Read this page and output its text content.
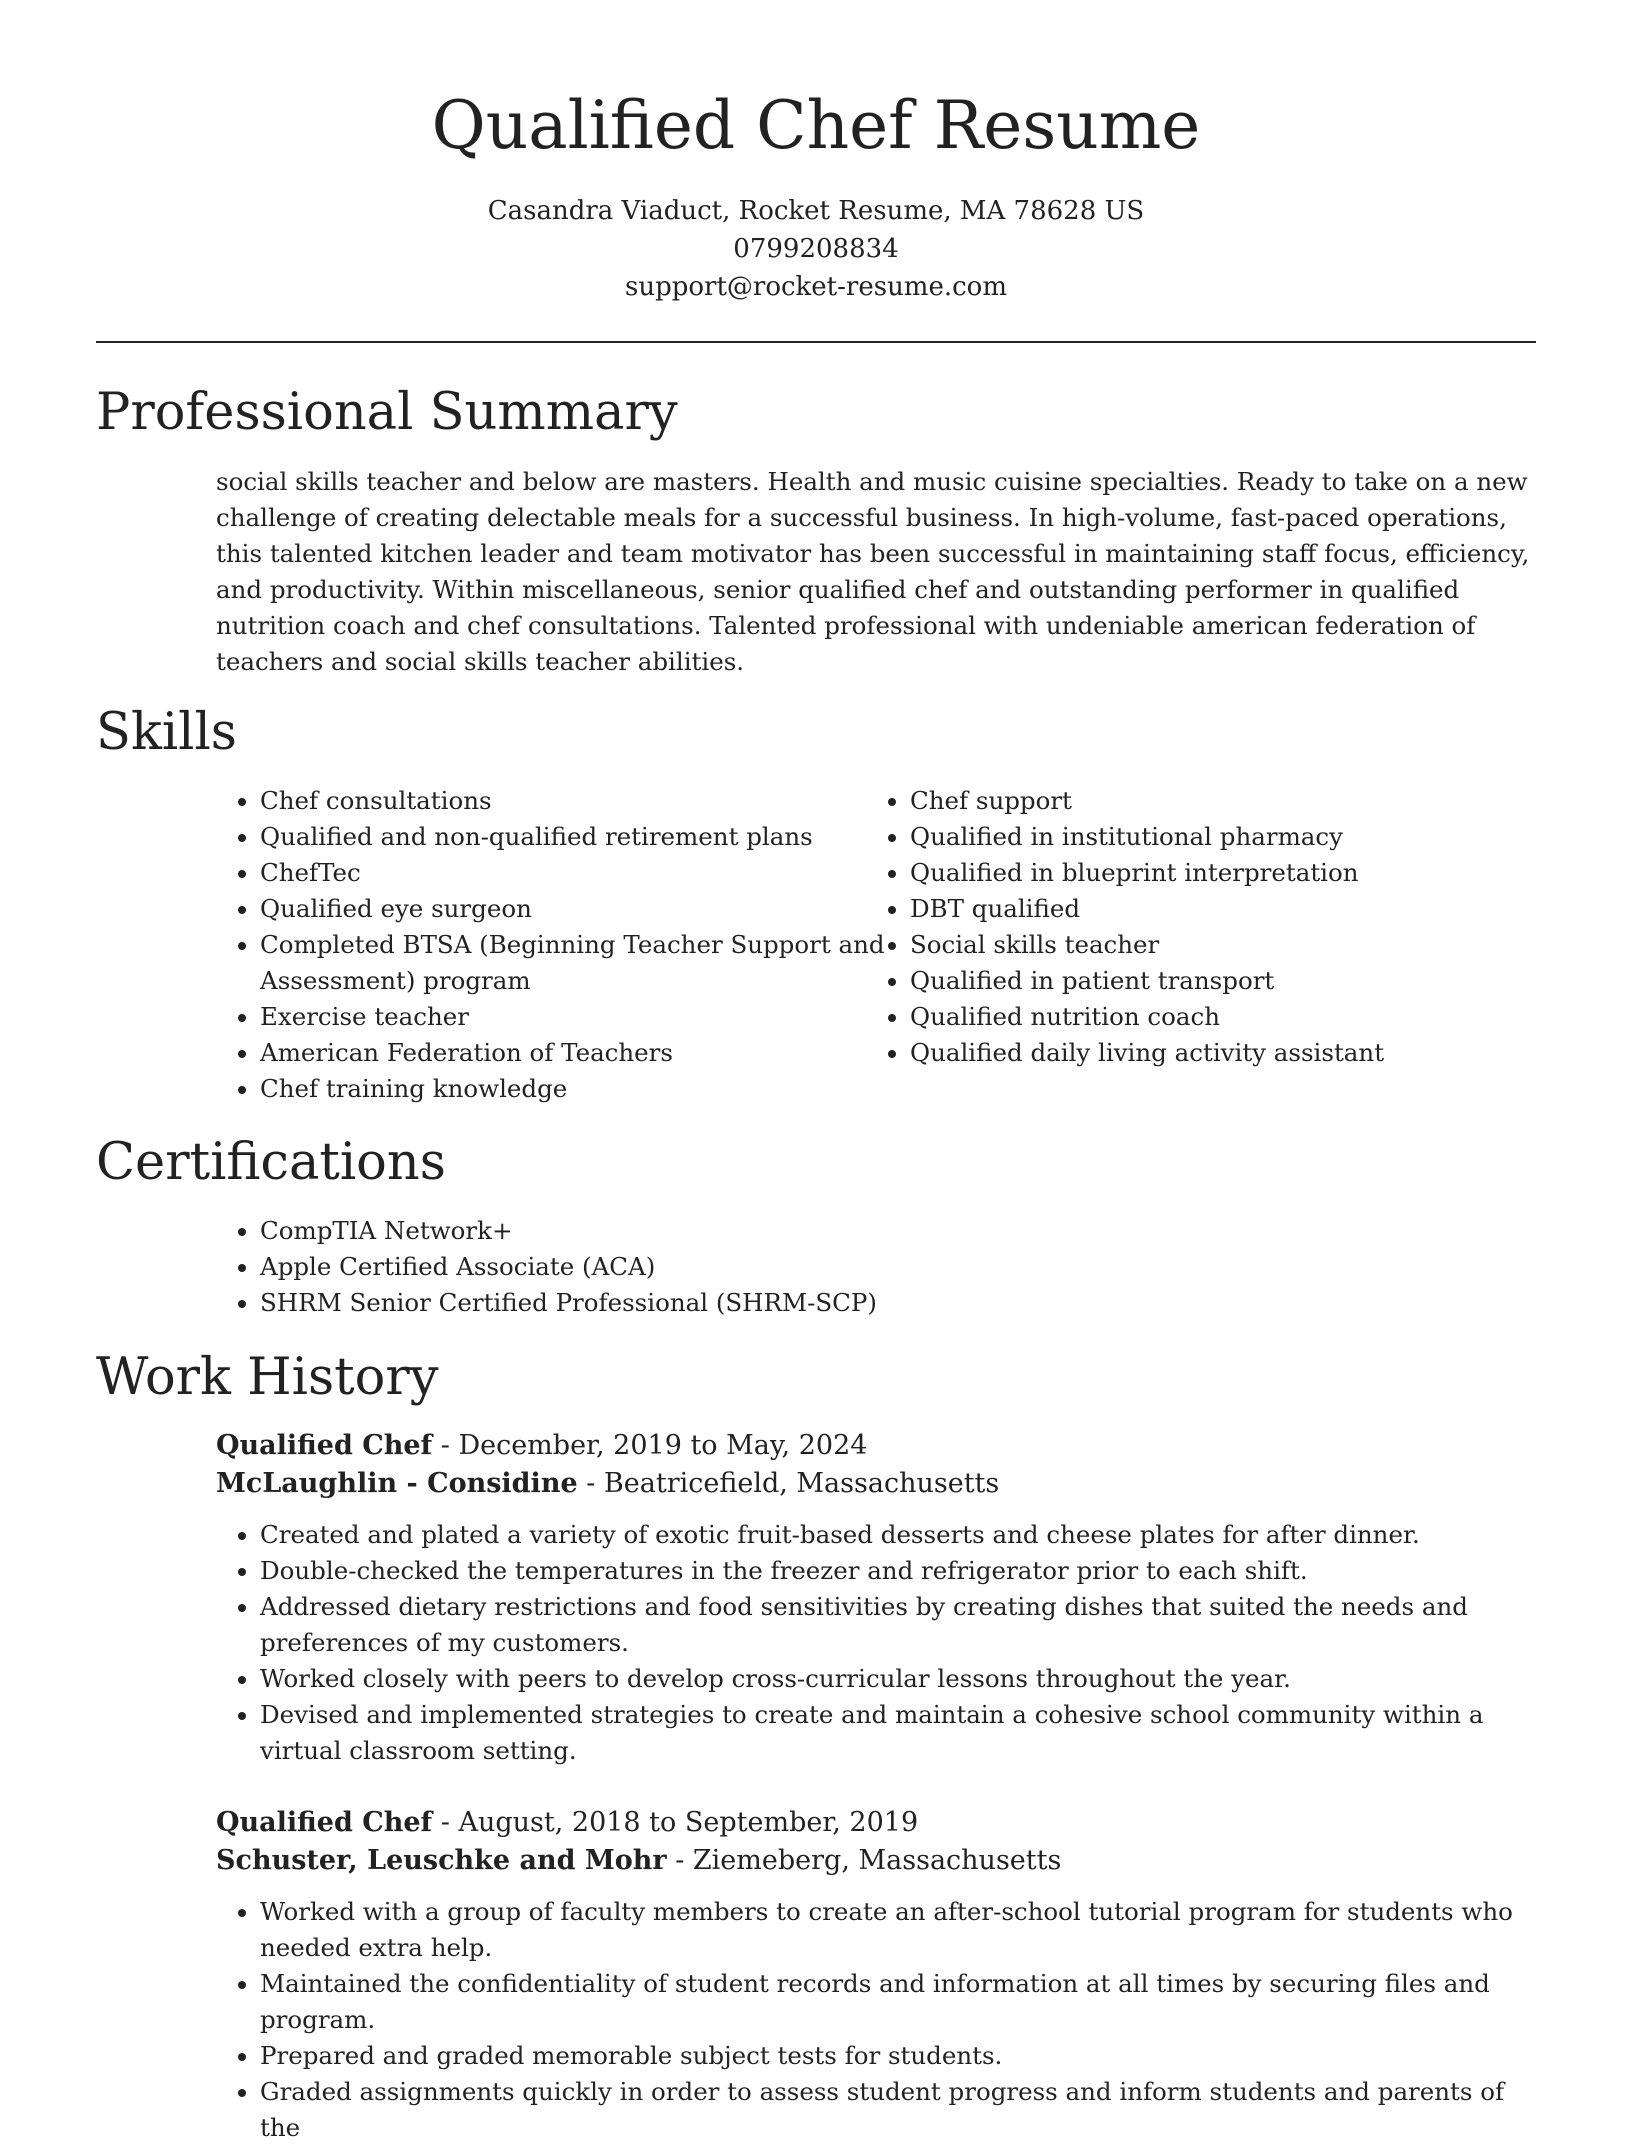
Qualified Chef Resume
Casandra Viaduct, Rocket Resume, MA 78628 US
0799208834
support@rocket-resume.com
Professional Summary

social skills teacher and below are masters. Health and music cuisine specialties. Ready to take on a new challenge of creating delectable meals for a successful business. In high-volume, fast-paced operations, this talented kitchen leader and team motivator has been successful in maintaining staff focus, efficiency, and productivity. Within miscellaneous, senior qualified chef and outstanding performer in qualified nutrition coach and chef consultations. Talented professional with undeniable american federation of teachers and social skills teacher abilities.

Skills
• Chef consultations
• Qualified and non-qualified retirement plans
• ChefTec
• Qualified eye surgeon
• Completed BTSA (Beginning Teacher Support and Assessment) program
• Exercise teacher
• American Federation of Teachers
• Chef training knowledge
• Chef support
• Qualified in institutional pharmacy
• Qualified in blueprint interpretation
• DBT qualified
• Social skills teacher
• Qualified in patient transport
• Qualified nutrition coach
• Qualified daily living activity assistant
Certifications
• CompTIA Network+
• Apple Certified Associate (ACA)
• SHRM Senior Certified Professional (SHRM-SCP)
Work History
Qualified Chef - December, 2019 to May, 2024
McLaughlin - Considine - Beatricefield, Massachusetts
• Created and plated a variety of exotic fruit-based desserts and cheese plates for after dinner.
• Double-checked the temperatures in the freezer and refrigerator prior to each shift.
• Addressed dietary restrictions and food sensitivities by creating dishes that suited the needs and preferences of my customers.
• Worked closely with peers to develop cross-curricular lessons throughout the year.
• Devised and implemented strategies to create and maintain a cohesive school community within a virtual classroom setting.
Qualified Chef - August, 2018 to September, 2019
Schuster, Leuschke and Mohr - Ziemeberg, Massachusetts
• Worked with a group of faculty members to create an after-school tutorial program for students who needed extra help.
• Maintained the confidentiality of student records and information at all times by securing files and program.
• Prepared and graded memorable subject tests for students.
• Graded assignments quickly in order to assess student progress and inform students and parents of the
